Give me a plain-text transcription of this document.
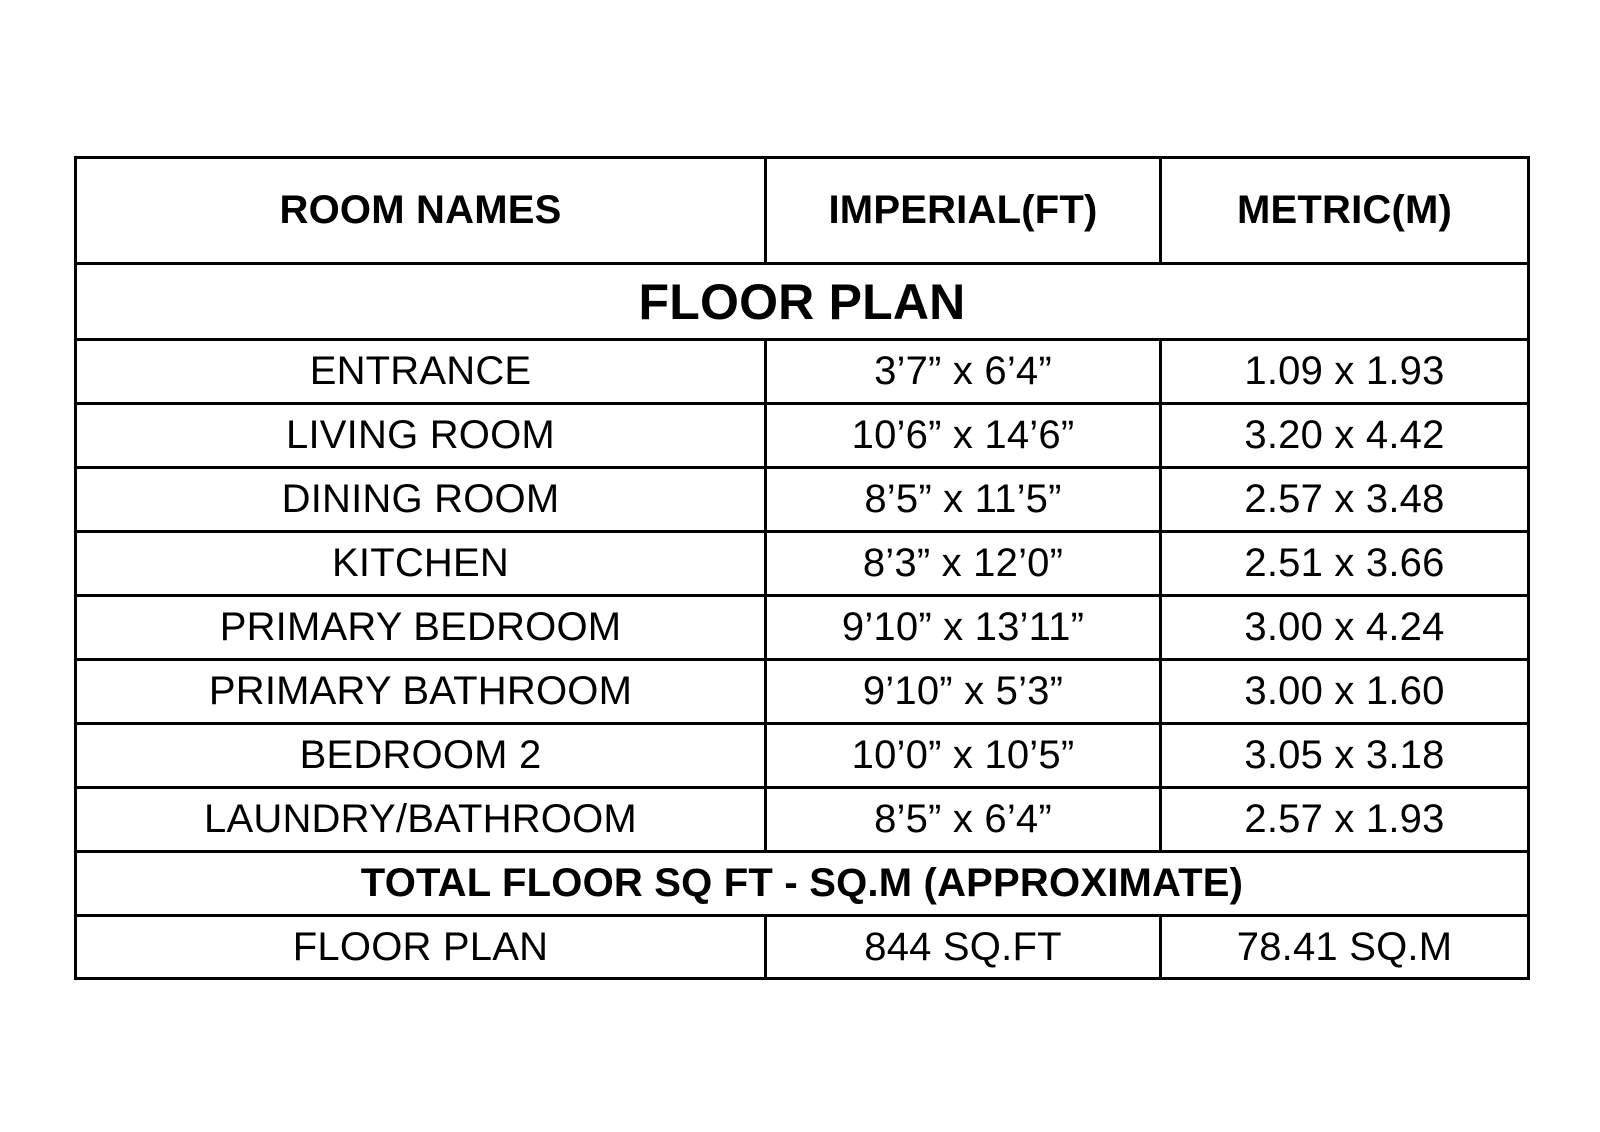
ROOM NAMES	IMPERIAL(FT)	METRIC(M)
FLOOR PLAN
ENTRANCE	3’7” x 6’4”	1.09 x 1.93
LIVING ROOM	10’6” x 14’6”	3.20 x 4.42
DINING ROOM	8’5” x 11’5”	2.57 x 3.48
KITCHEN	8’3” x 12’0”	2.51 x 3.66
PRIMARY BEDROOM	9’10” x 13’11”	3.00 x 4.24
PRIMARY BATHROOM	9’10” x 5’3”	3.00 x 1.60
BEDROOM 2	10’0” x 10’5”	3.05 x 3.18
LAUNDRY/BATHROOM	8’5” x 6’4”	2.57 x 1.93
TOTAL FLOOR SQ FT - SQ.M (APPROXIMATE)
FLOOR PLAN	844 SQ.FT	78.41 SQ.M
